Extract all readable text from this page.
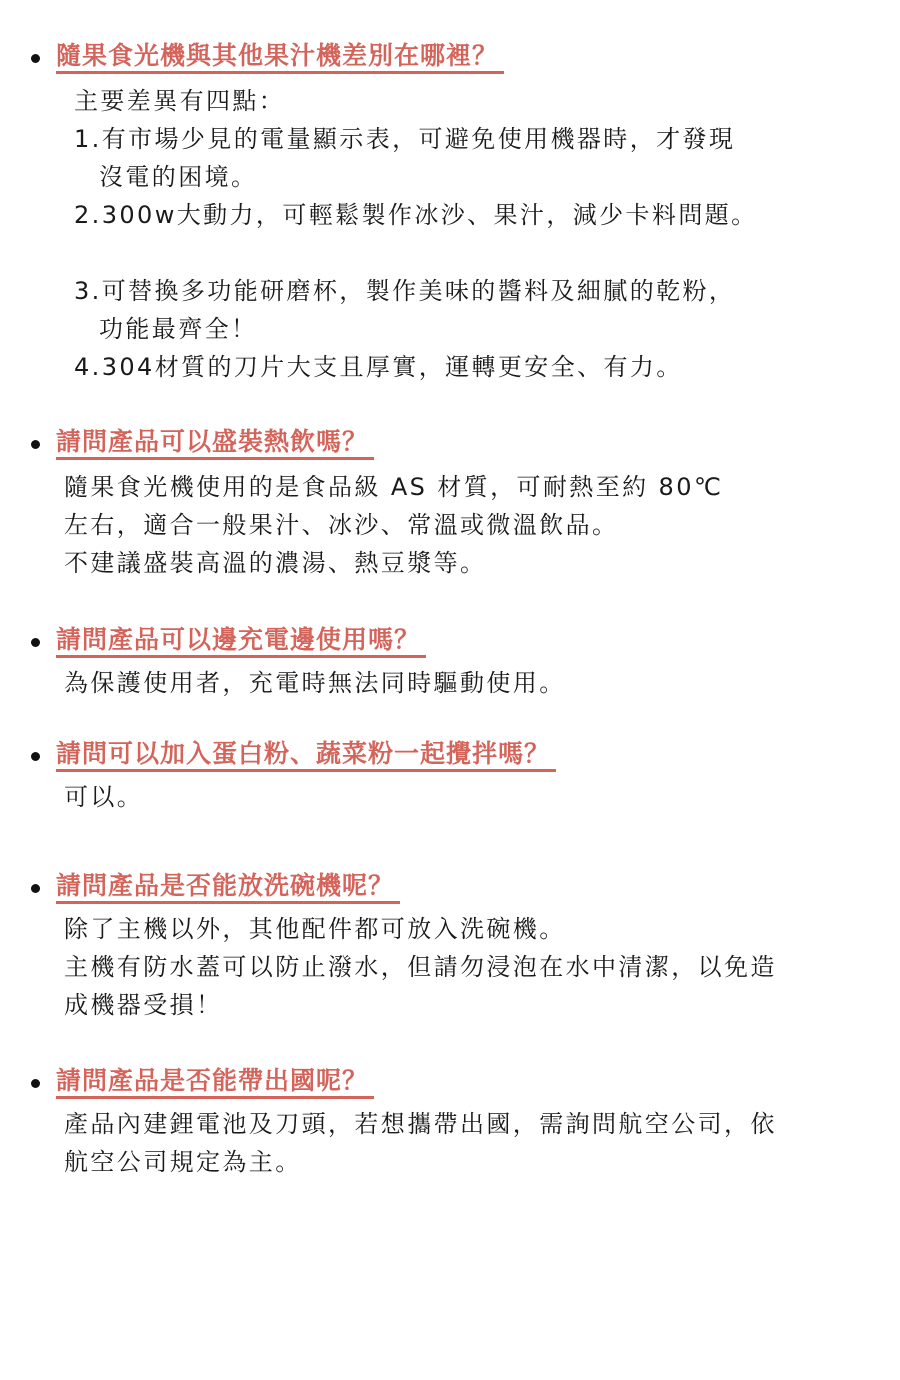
隨果食光機與其他果汁機差別在哪裡？
主要差異有四點：
1.有市場少見的電量顯示表，可避免使用機器時，才發現
沒電的困境。
2.300w大動力，可輕鬆製作冰沙、果汁，減少卡料問題。
3.可替換多功能研磨杯，製作美味的醬料及細膩的乾粉，
功能最齊全！
4.304材質的刀片大支且厚實，運轉更安全、有力。
請問產品可以盛裝熱飲嗎？
隨果食光機使用的是食品級 AS 材質，可耐熱至約 80℃
左右，適合一般果汁、冰沙、常溫或微溫飲品。
不建議盛裝高溫的濃湯、熱豆漿等。
請問產品可以邊充電邊使用嗎？
為保護使用者，充電時無法同時驅動使用。
請問可以加入蛋白粉、蔬菜粉一起攪拌嗎？
可以。
請問產品是否能放洗碗機呢？
除了主機以外，其他配件都可放入洗碗機。
主機有防水蓋可以防止潑水，但請勿浸泡在水中清潔，以免造
成機器受損！
請問產品是否能帶出國呢？
產品內建鋰電池及刀頭，若想攜帶出國，需詢問航空公司，依
航空公司規定為主。
